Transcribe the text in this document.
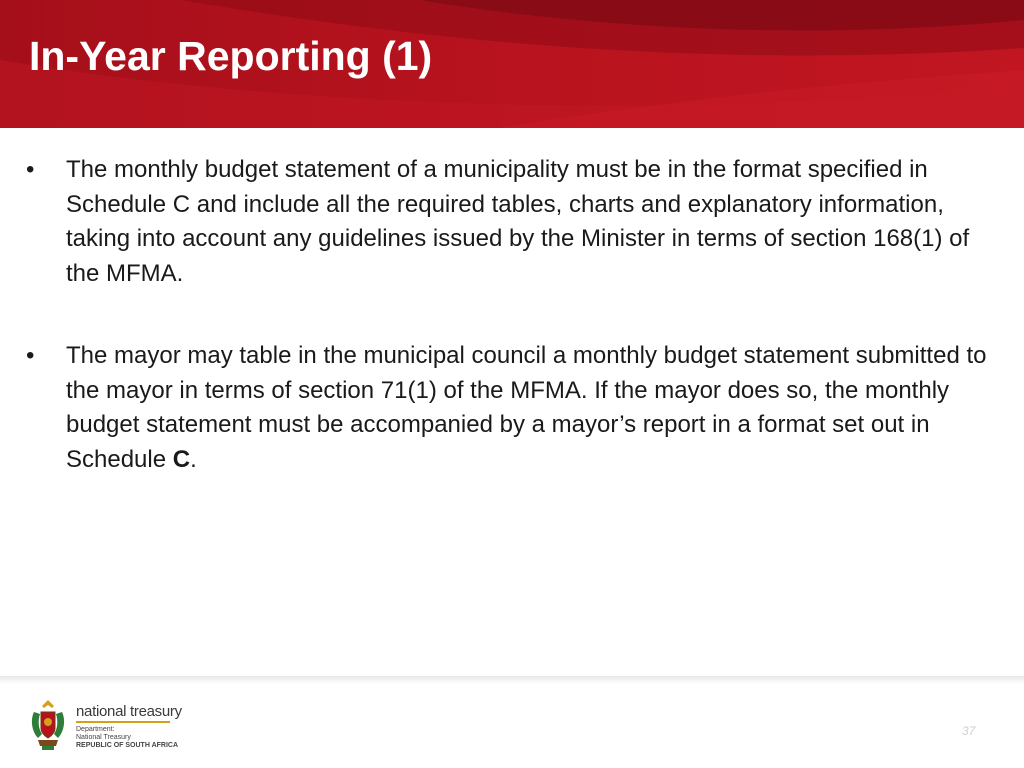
In-Year Reporting (1)
• The monthly budget statement of a municipality must be in the format specified in Schedule C and include all the required tables, charts and explanatory information, taking into account any guidelines issued by the Minister in terms of section 168(1) of the MFMA.
• The mayor may table in the municipal council a monthly budget statement submitted to the mayor in terms of section 71(1) of the MFMA. If the mayor does so, the monthly budget statement must be accompanied by a mayor’s report in a format set out in Schedule C.
national treasury
Department:
National Treasury
REPUBLIC OF SOUTH AFRICA
37
